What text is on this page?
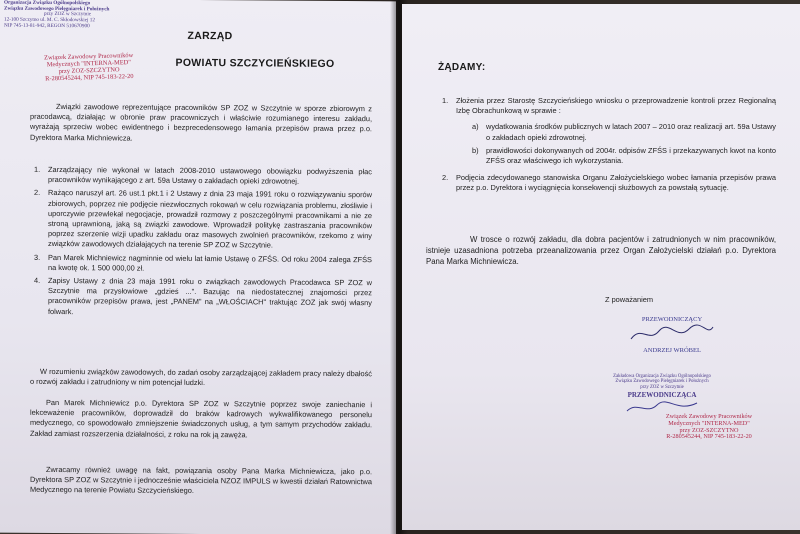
Organizacja Związku Ogólnopolskiego
Związku Zawodowego Pielęgniarek i Położnych
przy ZOZ w Szczytnie
12-100 Szczytno ul. M. C. Skłodowskiej 12
NIP 745-13-81-942, REGON 510670900
Związek Zawodowy Pracowników
Medycznych "INTERNA-MED"
przy ZOZ-SZCZYTNO
R-280545244, NIP 745-183-22-20
ZARZĄD
POWIATU SZCZYCIEŃSKIEGO
Związki zawodowe reprezentujące pracowników SP ZOZ w Szczytnie w sporze zbiorowym z pracodawcą, działając w obronie praw pracowniczych i właściwie rozumianego interesu zakładu, wyrażają sprzeciw wobec ewidentnego i bezprecedensowego łamania przepisów prawa przez p.o. Dyrektora Marka Michniewicza.
1.	Zarządzający nie wykonał w latach 2008-2010 ustawowego obowiązku podwyższenia płac pracowników wynikającego z art. 59a Ustawy o zakładach opieki zdrowotnej.
2.	Rażąco naruszył art. 26 ust.1 pkt.1 i 2 Ustawy z dnia 23 maja 1991 roku o rozwiązywaniu sporów zbiorowych, poprzez nie podjęcie niezwłocznych rokowań w celu rozwiązania problemu, złośliwie i uporczywie przewlekał negocjacje, prowadził rozmowy z poszczególnymi pracownikami a nie ze stroną uprawnioną, jaką są związki zawodowe. Wprowadził politykę zastraszania pracowników poprzez szerzenie wizji upadku zakładu oraz masowych zwolnień pracowników, rzekomo z winy związków zawodowych działających na terenie SP ZOZ w Szczytnie.
3.	Pan Marek Michniewicz nagminnie od wielu lat łamie Ustawę o ZFŚS. Od roku 2004 zalega ZFŚS na kwotę ok. 1 500 000,00 zł.
4.	Zapisy Ustawy z dnia 23 maja 1991 roku o związkach zawodowych Pracodawca SP ZOZ w Szczytnie ma przysłowiowe „gdzieś ...". Bazując na niedostatecznej znajomości przez pracowników przepisów prawa, jest „PANEM" na „WŁOŚCIACH" traktując ZOZ jak swój własny folwark.
W rozumieniu związków zawodowych, do zadań osoby zarządzającej zakładem pracy należy dbałość o rozwój zakładu i zatrudniony w nim potencjał ludzki.
Pan Marek Michniewicz p.o. Dyrektora SP ZOZ w Szczytnie poprzez swoje zaniechanie i lekceważenie pracowników, doprowadził do braków kadrowych wykwalifikowanego personelu medycznego, co spowodowało zmniejszenie świadczonych usług, a tym samym przychodów zakładu. Zakład zamiast rozszerzenia działalności, z roku na rok ją zawęża.
Zwracamy również uwagę na fakt, powiązania osoby Pana Marka Michniewicza, jako p.o. Dyrektora SP ZOZ w Szczytnie i jednocześnie właściciela NZOZ IMPULS w kwestii działań Ratownictwa Medycznego na terenie Powiatu Szczycieńskiego.
ŻĄDAMY:
1.	Złożenia przez Starostę Szczycieńskiego wniosku o przeprowadzenie kontroli przez Regionalną Izbę Obrachunkową w sprawie :
a)	wydatkowania środków publicznych w latach 2007 – 2010 oraz realizacji art. 59a Ustawy o zakładach opieki zdrowotnej.
b)	prawidłowości dokonywanych od 2004r. odpisów ZFŚS i przekazywanych kwot na konto ZFŚS oraz właściwego ich wykorzystania.
2.	Podjęcia zdecydowanego stanowiska Organu Założycielskiego wobec łamania przepisów prawa przez p.o. Dyrektora i wyciągnięcia konsekwencji służbowych za powstałą sytuację.
W trosce o rozwój zakładu, dla dobra pacjentów i zatrudnionych w nim pracowników, istnieje uzasadniona potrzeba przeanalizowania przez Organ Założycielski działań p.o. Dyrektora Pana Marka Michniewicza.
Z poważaniem
PRZEWODNICZĄCY
ANDRZEJ WRÓBEL
Zakładowa Organizacja Związku Ogólnopolskiego
Związku Zawodowego Pielęgniarek i Położnych
przy ZOZ w Szczytnie
PRZEWODNICZĄCA
Związek Zawodowy Pracowników
Medycznych "INTERNA-MED"
przy ZOZ-SZCZYTNO
R-280545244, NIP 745-183-22-20
